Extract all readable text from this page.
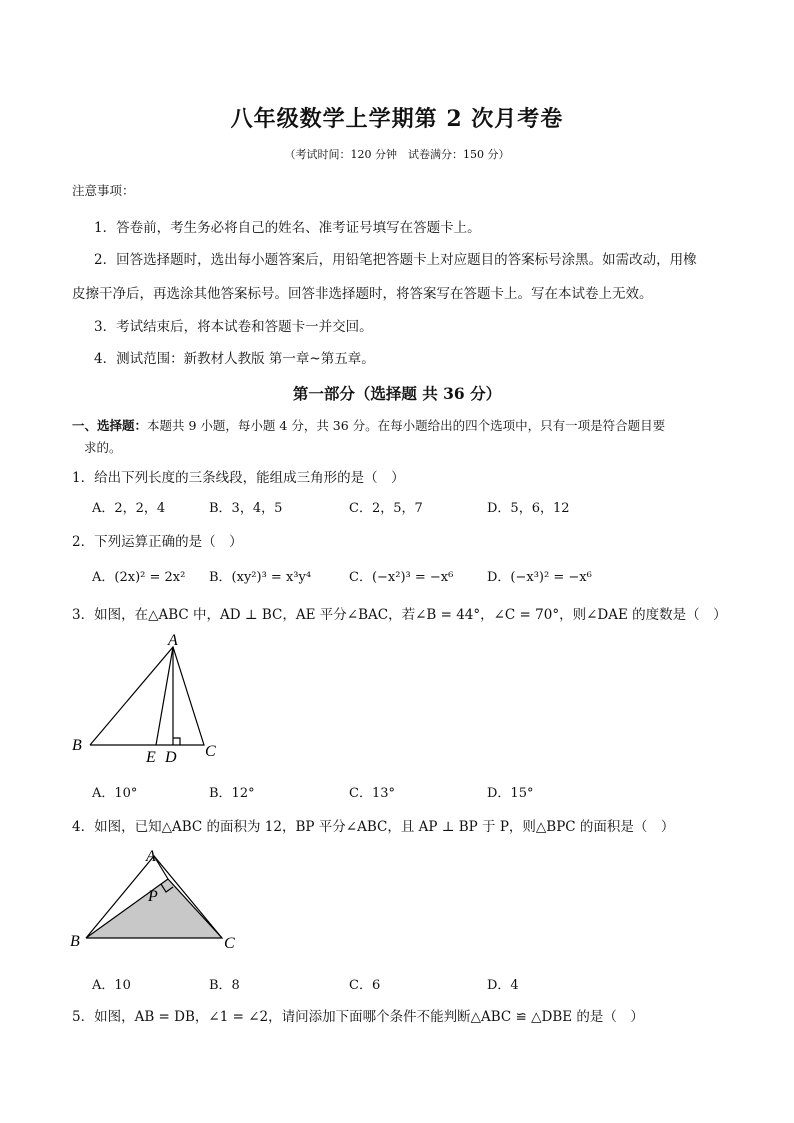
八年级数学上学期第 2 次月考卷
（考试时间：120 分钟　试卷满分：150 分）
注意事项：
1．答卷前，考生务必将自己的姓名、准考证号填写在答题卡上。
2．回答选择题时，选出每小题答案后，用铅笔把答题卡上对应题目的答案标号涂黑。如需改动，用橡
皮擦干净后，再选涂其他答案标号。回答非选择题时，将答案写在答题卡上。写在本试卷上无效。
3．考试结束后，将本试卷和答题卡一并交回。
4．测试范围：新教材人教版 第一章~第五章。
第一部分（选择题 共 36 分）
一、选择题：本题共 9 小题，每小题 4 分，共 36 分。在每小题给出的四个选项中，只有一项是符合题目要
求的。
1．给出下列长度的三条线段，能组成三角形的是（　）
A．2，2，4	B．3，4，5	C．2，5，7	D．5，6，12
2．下列运算正确的是（　）
A．(2x)² = 2x² B．(xy²)³ = x³y⁴	C．(−x²)³ = −x⁶	D．(−x³)² = −x⁶
3．如图，在△ABC 中，AD ⊥ BC，AE 平分∠BAC，若∠B = 44°，∠C = 70°，则∠DAE 的度数是（　）
A
B
E D C
A．10°	B．12°	C．13°	D．15°
4．如图，已知△ABC 的面积为 12，BP 平分∠ABC，且 AP ⊥ BP 于 P，则△BPC 的面积是（　）
A
P
B	C
A．10	B．8	C．6	D．4
5．如图，AB = DB，∠1 = ∠2，请问添加下面哪个条件不能判断△ABC ≌ △DBE 的是（　）
